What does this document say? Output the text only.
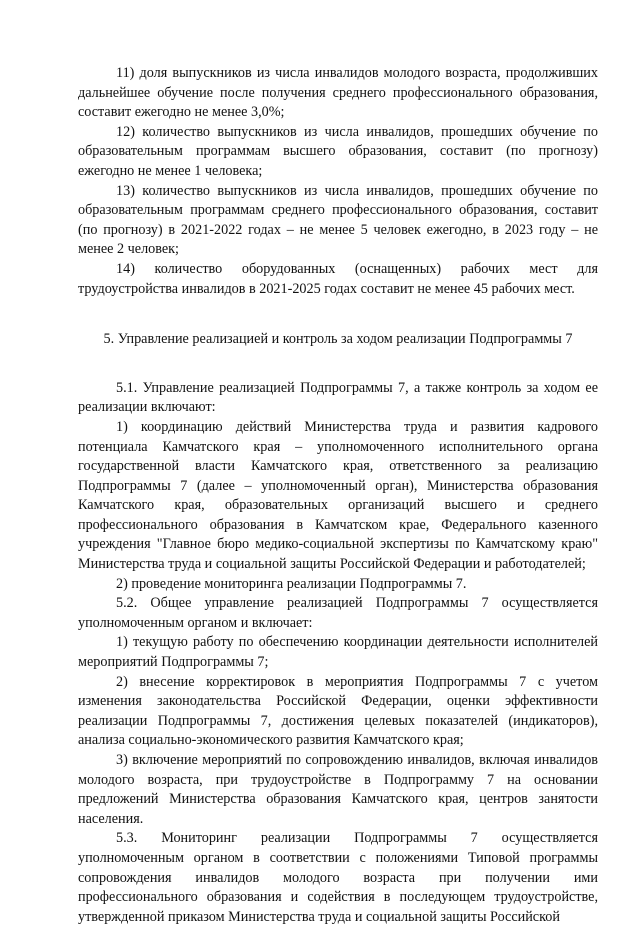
11) доля выпускников из числа инвалидов молодого возраста, продолживших дальнейшее обучение после получения среднего профессионального образования, составит ежегодно не менее 3,0%;

12) количество выпускников из числа инвалидов, прошедших обучение по образовательным программам высшего образования, составит (по прогнозу) ежегодно не менее 1 человека;

13) количество выпускников из числа инвалидов, прошедших обучение по образовательным программам среднего профессионального образования, составит (по прогнозу) в 2021-2022 годах – не менее 5 человек ежегодно, в 2023 году – не менее 2 человек;

14) количество оборудованных (оснащенных) рабочих мест для трудоустройства инвалидов в 2021-2025 годах составит не менее 45 рабочих мест.

5. Управление реализацией и контроль за ходом реализации Подпрограммы 7

5.1. Управление реализацией Подпрограммы 7, а также контроль за ходом ее реализации включают:

1) координацию действий Министерства труда и развития кадрового потенциала Камчатского края – уполномоченного исполнительного органа государственной власти Камчатского края, ответственного за реализацию Подпрограммы 7 (далее – уполномоченный орган), Министерства образования Камчатского края, образовательных организаций высшего и среднего профессионального образования в Камчатском крае, Федерального казенного учреждения "Главное бюро медико-социальной экспертизы по Камчатскому краю" Министерства труда и социальной защиты Российской Федерации и работодателей;

2) проведение мониторинга реализации Подпрограммы 7.

5.2. Общее управление реализацией Подпрограммы 7 осуществляется уполномоченным органом и включает:

1) текущую работу по обеспечению координации деятельности исполнителей мероприятий Подпрограммы 7;

2) внесение корректировок в мероприятия Подпрограммы 7 с учетом изменения законодательства Российской Федерации, оценки эффективности реализации Подпрограммы 7, достижения целевых показателей (индикаторов), анализа социально-экономического развития Камчатского края;

3) включение мероприятий по сопровождению инвалидов, включая инвалидов молодого возраста, при трудоустройстве в Подпрограмму 7 на основании предложений Министерства образования Камчатского края, центров занятости населения.

5.3. Мониторинг реализации Подпрограммы 7 осуществляется уполномоченным органом в соответствии с положениями Типовой программы сопровождения инвалидов молодого возраста при получении ими профессионального образования и содействия в последующем трудоустройстве, утвержденной приказом Министерства труда и социальной защиты Российской
